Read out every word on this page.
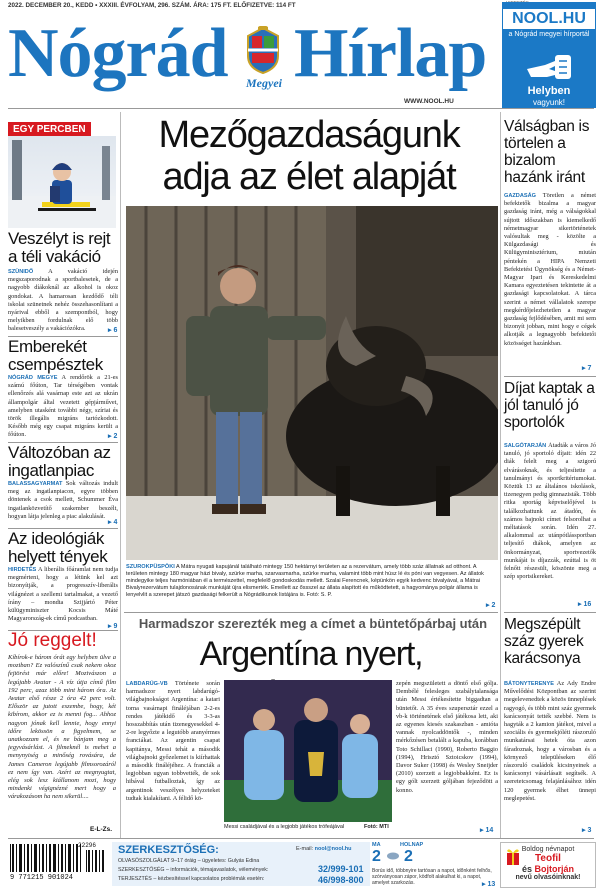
2022. DECEMBER 20., KEDD • XXXIII. ÉVFOLYAM, 296. SZÁM. ÁRA: 175 FT. ELŐFIZETVE: 114 FT
Nógrád	Megyei Hírlap
WWW.NOOL.HU
NOOL.HU
a Nógrád megyei hírportál
Helyben
vagyunk!
EGY PERCBEN
Veszélyt is rejt a téli vakáció
SZÜNIDŐ A vakáció idején megszaporodnak a sportbalesetek, de a nagyobb díákoknál az alkohol is okoz gondokat. A hamarosan kezdődő téli iskolai szünetnek nehéz összehasonlítani a nyárival ebből a szempontból, hogy melyikben fordulnak elő több balesetveszély a vakációzókra.	▸ 6
Emberekét csempésztek
NÓGRÁD MEGYE A rendőrök a 21-es számú főúton, Tar térségében vontak ellenőrzés alá vasárnap este azt az ukrán állampolgár által vezetett gépjárművet, amelyben utasként további négy, szíriai és török illegális migráns tartózkodott. Később még egy csapat migráns került a főúton.	▸ 2
Változóban az ingatlanpiac
BALASSAGYARMAT Sok változás indult meg az ingatlanpiacon, egyre többen döntenek a csok mellett, Schummer Éva ingatlanközvetítő szakember beszélt, hogyan látja jelenleg a piac alakulását.
▸ 4
Az ideológiák helyett tények
HIRDETÉS A liberális főáramlat nem tudja megmérteni, hogy a létünk kel azt bizonyítják, a progresszív-liberális világnézet a szellemi tartalmakat, a vezető írány – mondta Szijjártó Péter külügyminiszter Kocsis Máté Magyarország-ek című podcastban.
▸ 9
Jó reggelt!
Kíbírok-e három órát egy helyben ülve a moziban? Ez valószínű csak nekem okoz fejtörést már előre! Mozivászon a legújabb Avatar - A víz útja című film 192 perc, azaz több mint három óra. Az Avatar első része 2 óra 42 perc volt. Először az jutott eszembe, hogy, két kibírom, akkor ez is menni fog... Ahhoz nagyon jónak kell lennie, hogy ennyi időre lekössön a figyelmem, se unatkozzam el, és ne bánjam meg a jegyvásárlást. A filmeknél is mehet a menynyiség a minőség rovására, de James Cameron legújabb filmsorozáról ez nem így van. Azért az megnyugtat, elég sok lesz kiállanom mozi, hogy mindenki végignézné mert hogy a várakozásom ha nem sikerül....
E-L-Zs.
Mezőgazdaságunk
adja az élet alapját
SZUROKPÜSPÖKI A Mátra nyugati kapujánál található mintegy 150 hektárnyi területen az a rezervátum, amely több száz állatnak ad otthont. A területen mintegy 180 magyar házi bivaly, szürke marha, szarvasmarha, szürke marha, valamint több mint húsz lé és póni van vegyesen. Az állatok mindegyike teljes harmóniában él a természettel, megfelelő gondoskodás mellett. Szalai Ferencnek, képünkön egyik kedvenc bivalyával, a Mátrai Bivalyrezervátum tulajdonosának munkáját újra elismerték. Emellett az őssszel az állata alapított és működtetett, a hagyománya polgár állama is lenyelvlit a szerepet játszó gazdasági felkerült a Nógrádikunok listájára is. Fotó: S. P.
▸ 2
Harmadszor szerezték meg a címet a büntetőpárbaj után
Argentína nyert,
LABDARÚG-VB Története során harmadszor nyert labdarúgó-világbajnokságot Argentína: a katari torna vasárnapi fináléjában 2-2-es rendes játékidő és 3-3-as hosszabbítás után tizenegyesekkel 4-2-re legyőzte a legutóbb aranyérmes franciákat. Az argentin csapat kapitánya, Messi tehát a második világbajnoki győzelemet is kiírhattak a második fináléjéhez. A franciák a legjobban ugyan tobbvették, de sok hibával futballoztak, így az argentinok veszélyes helyzeteket tudtak kialakítani. A félidő kö-
Messi családjával és a legjobb játékos trófeájával	Fotó: MTI
zepén megszületett a döntő első gólja. Dembélé felesleges szabálytalansága után Messi értékesítette biggadtan a büntetőt. A 35 éves szupersztár ezzel a vb-k történetének első játékosa lett, aki az egyenes kiesés szakaszban - amióta vannak nyolcaddöntők -, minden mérkőzésen betalált a kapuba, korábban Toto Schillaci (1990), Roberto Baggio (1994), Hrisztó Sztoicskov (1994), Davor Suker (1998) és Wesley Sneijder (2010) szerzett a legjobbakként. Ez is egy gólt szerzett góljában fejeződött a konno.
▸ 14
Válságban is törtelen a bizalom hazánk iránt
GAZDASÁG Töretlen a német befektetők bizalma a magyar gazdaság iránt, még a válságokkal sújtott időszakban is kiemelkedő németmagyar sikertörténetek valósultak meg - közölte a Külgazdasági és Külügyminisztérium, miután péntekén a HIPA Nemzeti Befektetési Ügynökség és a Német-Magyar Ipari és Kereskedelmi Kamara egyeztetésen tekintette át a gazdasági kapcsolatokat. A tárca szerint a német vállalatok szerepe megkérdőjelezhetetlen a magyar gazdaság fejlődésében, amit mi sem bizonyít jobban, mint hogy e cégek alkotják a legnagyobb befektetői közösséget hazánkban.
▸ 7
Díjat kaptak a jól tanuló jó sportolók
SALGÓTARJÁN Átadták a város Jó tanuló, jó sportoló díjait: idén 22 diák felelt meg a szigorú elvárásoknak, és teljesítette a tanulmányi és sportkritériumokat. Köztük 13 az általános iskolások, tizenegyen pedig gimnazisták. Több ritka sportág képviselőjével is találkozhattunk az átadón, és számos bajnoki címet felsorolhat a méltatások során. Idén 27. alkalommal az utánpótlássportban teljesítő diákok, amelyen az önkormányzat, sportvezetők munkáját is díjazzák, ezúttal is öt felnőtt részesült, köszönte meg a szép sportsikereket.
▸ 16
Megszépült száz gyerek karácsonya
BÁTONYTERENYE Az Ady Endre Művelődési Központban az szerint megelevenedtek a közös ünneplések ragyogó, és több mint száz gyermek karácsonyát tették szebbé. Nem is hagyták a 2 kamion játékot, mivel a szociális és gyermekjóléti rászoruló munkatársai hetek óta azon fáradoznak, hogy a városban és a környező településeken élő rászoruló családok kicsinyeinek a karácsonyi vásárlásait segítsék. A szeretetcsomag felajánlásához idén 120 gyermek élhet ünnepi meglepetést.
▸ 3
9 771215 901024
22296 SZERKESZTŐSÉG:
OLVASÓSZOLGÁLAT 9–17 óráig – ügyeletes: Gulyás Edina
SZERKESZTŐSÉG – információk, témajavaslatok, vélemények:
TERJESZTÉS – kézbesítéssel kapcsolatos problémák esetén:
E-mail: nool@nool.hu
32/999-101
46/998-800
MA
2
HOLNAP
2
Borús idő, többnyire tartósan a napot, időnként felhős, szórványosan zápor, ködfolt alakulhat ki, a napot, amelyet szarkozás.	▸ 13
Boldog névnapot
Teofil
és Bojtorján
nevű olvasóinknak!
